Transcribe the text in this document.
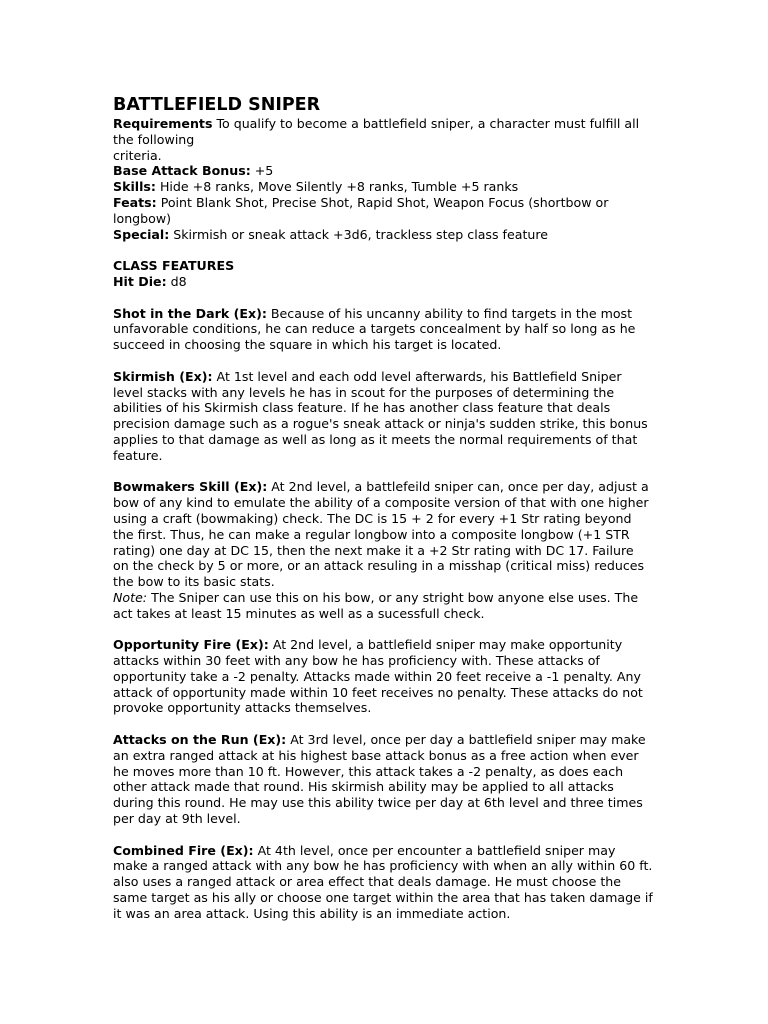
BATTLEFIELD SNIPER

Requirements To qualify to become a battlefield sniper, a character must fulfill all

the following

criteria.

Base Attack Bonus: +5

Skills: Hide +8 ranks, Move Silently +8 ranks, Tumble +5 ranks

Feats: Point Blank Shot, Precise Shot, Rapid Shot, Weapon Focus (shortbow or

longbow)

Special: Skirmish or sneak attack +3d6, trackless step class feature

CLASS FEATURES

Hit Die: d8

Shot in the Dark (Ex): Because of his uncanny ability to find targets in the most

unfavorable conditions, he can reduce a targets concealment by half so long as he

succeed in choosing the square in which his target is located.

Skirmish (Ex): At 1st level and each odd level afterwards, his Battlefield Sniper

level stacks with any levels he has in scout for the purposes of determining the

abilities of his Skirmish class feature. If he has another class feature that deals

precision damage such as a rogue's sneak attack or ninja's sudden strike, this bonus

applies to that damage as well as long as it meets the normal requirements of that

feature.

Bowmakers Skill (Ex): At 2nd level, a battlefeild sniper can, once per day, adjust a

bow of any kind to emulate the ability of a composite version of that with one higher

using a craft (bowmaking) check. The DC is 15 + 2 for every +1 Str rating beyond

the first. Thus, he can make a regular longbow into a composite longbow (+1 STR

rating) one day at DC 15, then the next make it a +2 Str rating with DC 17. Failure

on the check by 5 or more, or an attack resuling in a misshap (critical miss) reduces

the bow to its basic stats.

Note: The Sniper can use this on his bow, or any stright bow anyone else uses. The

act takes at least 15 minutes as well as a sucessfull check.

Opportunity Fire (Ex): At 2nd level, a battlefield sniper may make opportunity

attacks within 30 feet with any bow he has proficiency with. These attacks of

opportunity take a -2 penalty. Attacks made within 20 feet receive a -1 penalty. Any

attack of opportunity made within 10 feet receives no penalty. These attacks do not

provoke opportunity attacks themselves.

Attacks on the Run (Ex): At 3rd level, once per day a battlefield sniper may make

an extra ranged attack at his highest base attack bonus as a free action when ever

he moves more than 10 ft. However, this attack takes a -2 penalty, as does each

other attack made that round. His skirmish ability may be applied to all attacks

during this round. He may use this ability twice per day at 6th level and three times

per day at 9th level.

Combined Fire (Ex): At 4th level, once per encounter a battlefield sniper may

make a ranged attack with any bow he has proficiency with when an ally within 60 ft.

also uses a ranged attack or area effect that deals damage. He must choose the

same target as his ally or choose one target within the area that has taken damage if

it was an area attack. Using this ability is an immediate action.
